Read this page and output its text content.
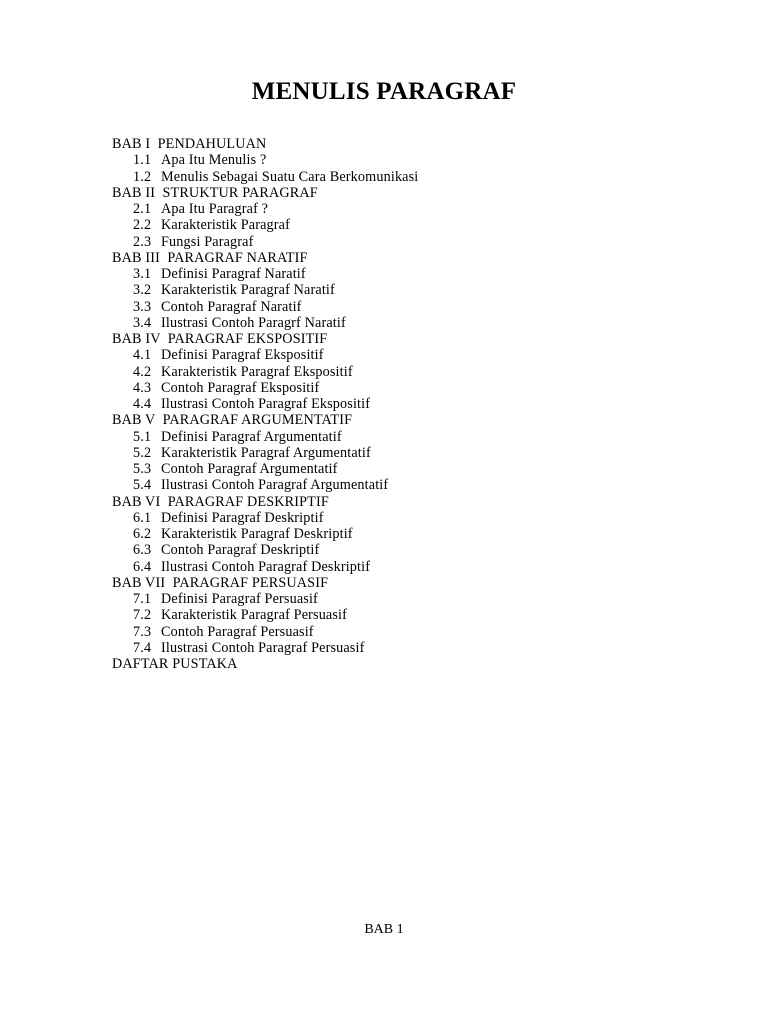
MENULIS PARAGRAF
BAB I  PENDAHULUAN
1.1 Apa Itu Menulis ?
1.2 Menulis Sebagai Suatu Cara Berkomunikasi
BAB II  STRUKTUR PARAGRAF
2.1 Apa Itu Paragraf ?
2.2 Karakteristik Paragraf
2.3 Fungsi Paragraf
BAB III  PARAGRAF NARATIF
3.1 Definisi Paragraf Naratif
3.2 Karakteristik Paragraf Naratif
3.3 Contoh Paragraf Naratif
3.4 Ilustrasi Contoh Paragrf Naratif
BAB IV  PARAGRAF EKSPOSITIF
4.1 Definisi Paragraf Ekspositif
4.2 Karakteristik Paragraf Ekspositif
4.3 Contoh Paragraf Ekspositif
4.4 Ilustrasi Contoh Paragraf Ekspositif
BAB V  PARAGRAF ARGUMENTATIF
5.1 Definisi Paragraf Argumentatif
5.2 Karakteristik Paragraf Argumentatif
5.3 Contoh Paragraf Argumentatif
5.4 Ilustrasi Contoh Paragraf Argumentatif
BAB VI  PARAGRAF DESKRIPTIF
6.1 Definisi Paragraf Deskriptif
6.2 Karakteristik Paragraf Deskriptif
6.3 Contoh Paragraf Deskriptif
6.4 Ilustrasi Contoh Paragraf Deskriptif
BAB VII  PARAGRAF PERSUASIF
7.1 Definisi Paragraf Persuasif
7.2 Karakteristik Paragraf Persuasif
7.3 Contoh Paragraf Persuasif
7.4 Ilustrasi Contoh Paragraf Persuasif
DAFTAR PUSTAKA
BAB 1
